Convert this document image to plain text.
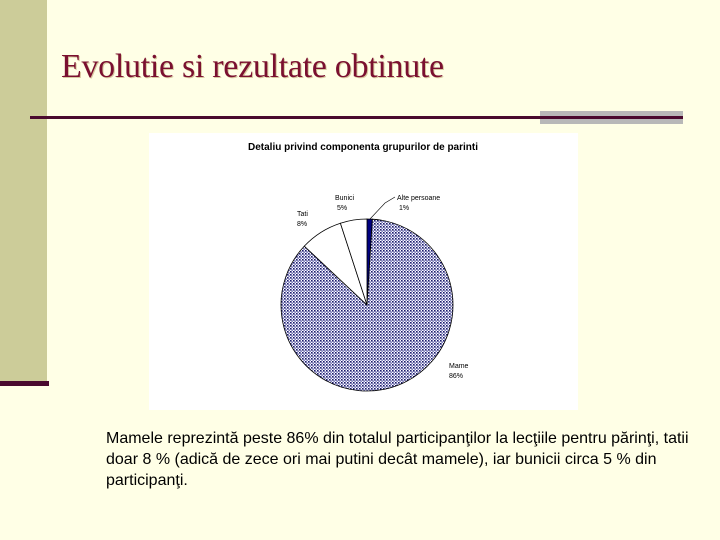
Evolutie si rezultate obtinute
Detaliu privind componenta grupurilor de parinti
Alte persoane
1%
Mame
86%
Tati
8%
Bunici
5%
Mamele reprezintă peste 86% din totalul participanţilor la lecţiile pentru părinţi, tatii doar 8 % (adică de zece ori mai putini decât mamele), iar bunicii circa 5 % din participanţi.
